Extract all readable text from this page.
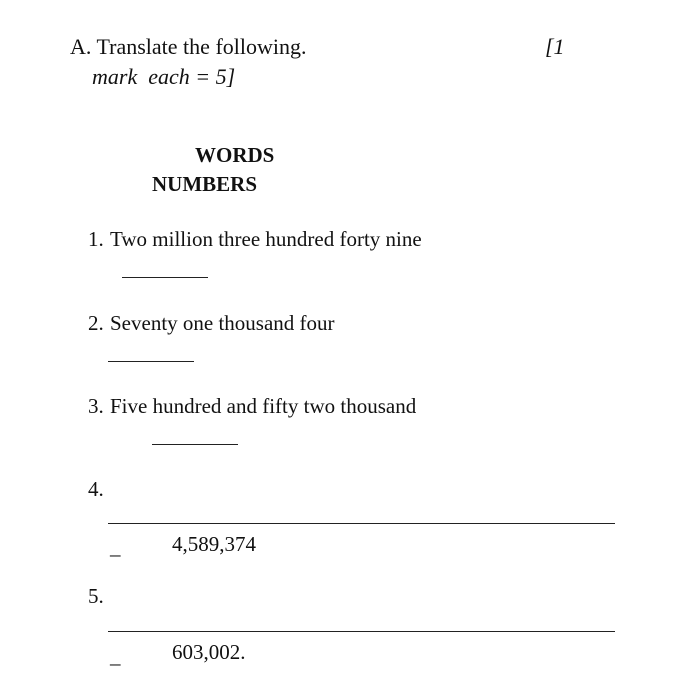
A. Translate the following.	[1
mark  each = 5]
WORDS
NUMBERS
1. Two million three hundred forty nine
2. Seventy one thousand four
3. Five hundred and fifty two thousand
4.
_ 4,589,374
5.
_ 603,002.
